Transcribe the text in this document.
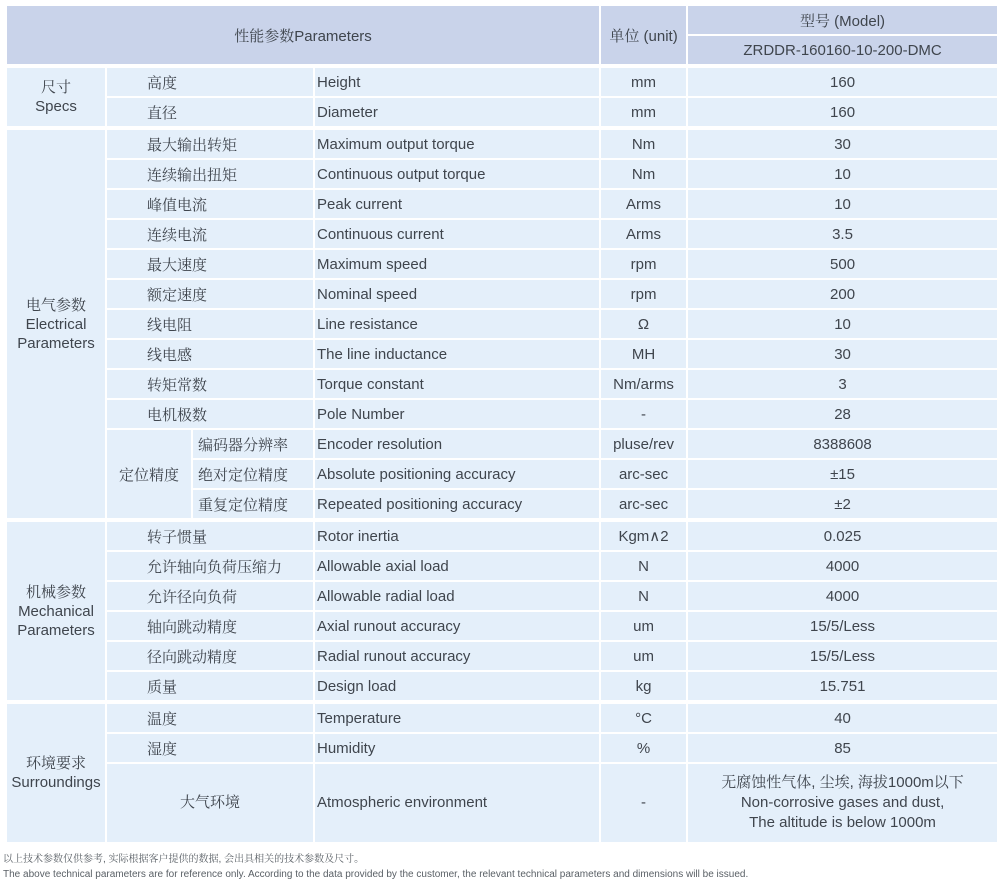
性能参数Parameters				单位 (unit)	型号 (Model)
					ZRDDR-160160-10-200-DMC

尺寸
Specs	高度		Height	mm	160
	直径		Diameter	mm	160

电气参数
Electrical Parameters	最大输出转矩		Maximum output torque	Nm	30
	连续输出扭矩		Continuous output torque	Nm	10
	峰值电流		Peak current	Arms	10
	连续电流		Continuous current	Arms	3.5
	最大速度		Maximum speed	rpm	500
	额定速度		Nominal speed	rpm	200
	线电阻		Line resistance	Ω	10
	线电感		The line inductance	MH	30
	转矩常数		Torque constant	Nm/arms	3
	电机极数		Pole Number	-	28
	定位精度	编码器分辨率	Encoder resolution	pluse/rev	8388608
		绝对定位精度	Absolute positioning accuracy	arc-sec	±15
		重复定位精度	Repeated positioning accuracy	arc-sec	±2

机械参数
Mechanical Parameters	转子惯量		Rotor inertia	Kgm∧2	0.025
	允许轴向负荷压缩力		Allowable axial load	N	4000
	允许径向负荷		Allowable radial load	N	4000
	轴向跳动精度		Axial runout accuracy	um	15/5/Less
	径向跳动精度		Radial runout accuracy	um	15/5/Less
	质量		Design load	kg	15.751

环境要求
Surroundings	温度		Temperature	°C	40
	湿度		Humidity	%	85
	大气环境		Atmospheric environment	-	无腐蚀性气体, 尘埃, 海拔1000m以下
Non-corrosive gases and dust,
The altitude is below 1000m
以上技术参数仅供参考, 实际根据客户提供的数据, 会出具相关的技术参数及尺寸。
The above technical parameters are for reference only. According to the data provided by the customer, the relevant technical parameters and dimensions will be issued.
